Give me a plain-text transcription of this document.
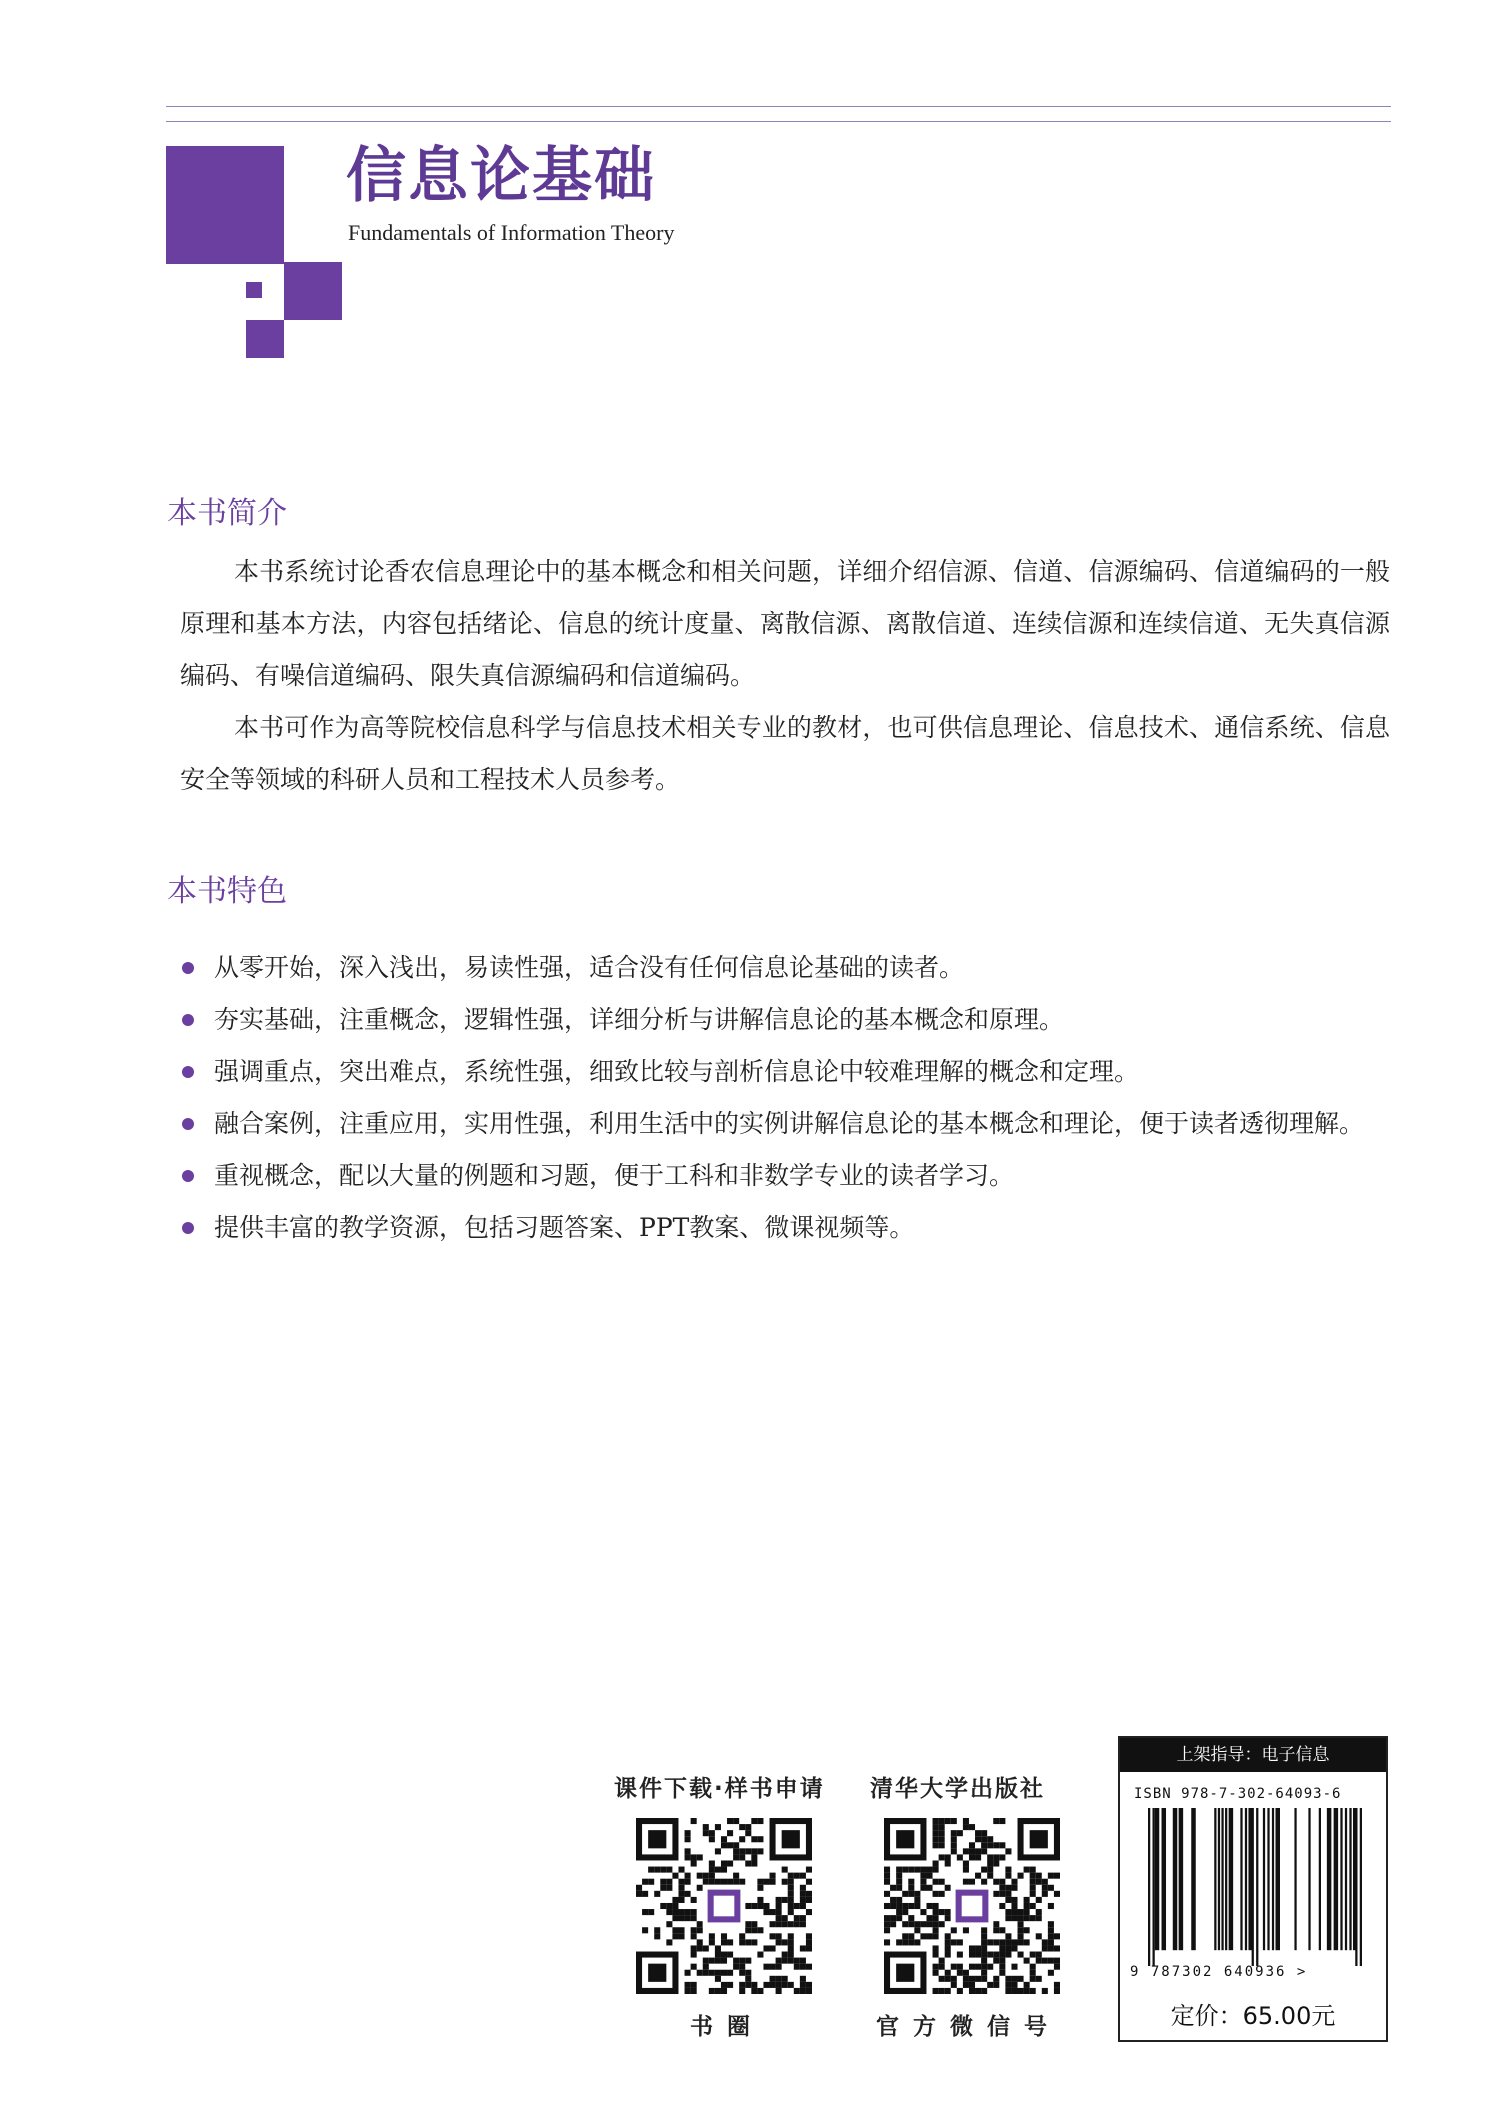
信息论基础
Fundamentals of Information Theory
本书简介

本书系统讨论香农信息理论中的基本概念和相关问题，详细介绍信源、信道、信源编码、信道编码的一般原理和基本方法，内容包括绪论、信息的统计度量、离散信源、离散信道、连续信源和连续信道、无失真信源编码、有噪信道编码、限失真信源编码和信道编码。

本书可作为高等院校信息科学与信息技术相关专业的教材，也可供信息理论、信息技术、通信系统、信息安全等领域的科研人员和工程技术人员参考。

本书特色
从零开始，深入浅出，易读性强，适合没有任何信息论基础的读者。
夯实基础，注重概念，逻辑性强，详细分析与讲解信息论的基本概念和原理。
强调重点，突出难点，系统性强，细致比较与剖析信息论中较难理解的概念和定理。
融合案例，注重应用，实用性强，利用生活中的实例讲解信息论的基本概念和理论，便于读者透彻理解。
重视概念，配以大量的例题和习题，便于工科和非数学专业的读者学习。
提供丰富的教学资源，包括习题答案、PPT教案、微课视频等。
课件下载·样书申请
书圈
清华大学出版社
官方微信号
上架指导：电子信息
ISBN 978-7-302-64093-6
9 787302 640936 >
定价：65.00元
